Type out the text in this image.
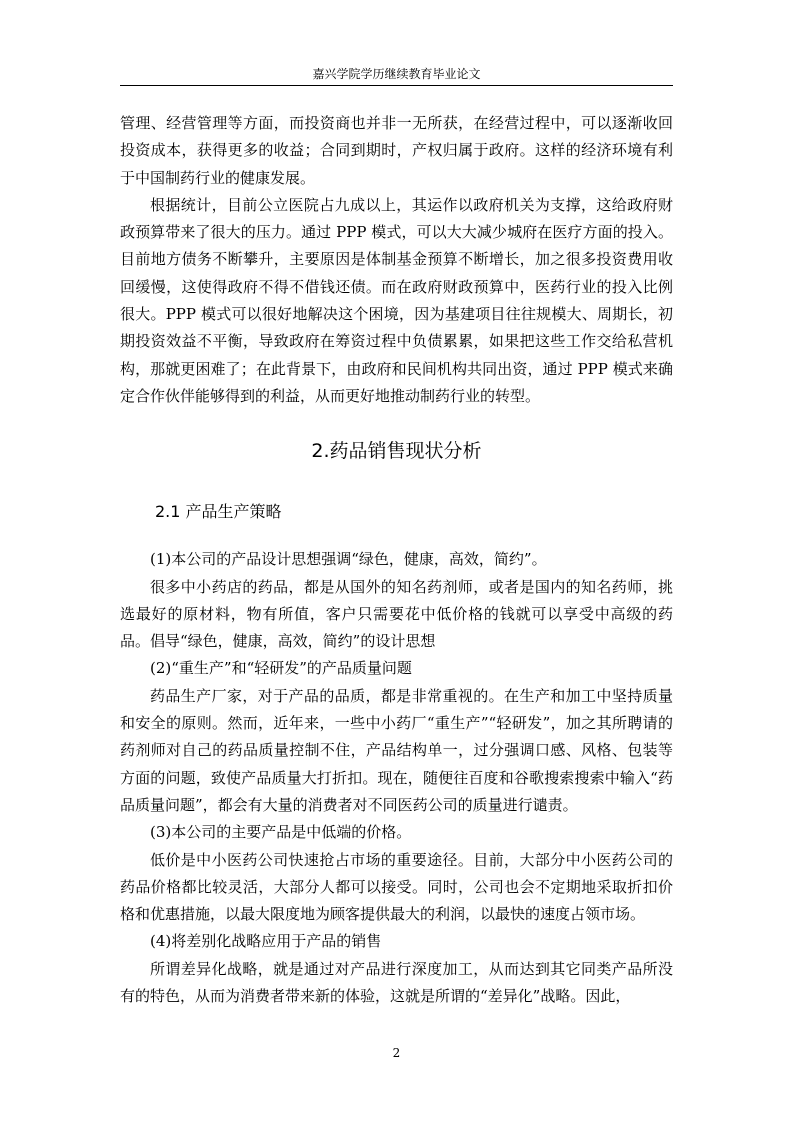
嘉兴学院学历继续教育毕业论文

管理、经营管理等方面，而投资商也并非一无所获，在经营过程中，可以逐渐收回投资成本，获得更多的收益；合同到期时，产权归属于政府。这样的经济环境有利于中国制药行业的健康发展。

根据统计，目前公立医院占九成以上，其运作以政府机关为支撑，这给政府财政预算带来了很大的压力。通过 PPP 模式，可以大大减少城府在医疗方面的投入。目前地方债务不断攀升，主要原因是体制基金预算不断增长，加之很多投资费用收回缓慢，这使得政府不得不借钱还债。而在政府财政预算中，医药行业的投入比例很大。PPP 模式可以很好地解决这个困境，因为基建项目往往规模大、周期长，初期投资效益不平衡，导致政府在筹资过程中负债累累，如果把这些工作交给私营机构，那就更困难了；在此背景下，由政府和民间机构共同出资，通过 PPP 模式来确定合作伙伴能够得到的利益，从而更好地推动制药行业的转型。

2.药品销售现状分析
2.1 产品生产策略

(1)本公司的产品设计思想强调“绿色，健康，高效，简约”。

很多中小药店的药品，都是从国外的知名药剂师，或者是国内的知名药师，挑选最好的原材料，物有所值，客户只需要花中低价格的钱就可以享受中高级的药品。倡导“绿色，健康，高效，简约”的设计思想

(2)“重生产”和“轻研发”的产品质量问题

药品生产厂家，对于产品的品质，都是非常重视的。在生产和加工中坚持质量和安全的原则。然而，近年来，一些中小药厂“重生产”“轻研发”，加之其所聘请的药剂师对自己的药品质量控制不住，产品结构单一，过分强调口感、风格、包装等方面的问题，致使产品质量大打折扣。现在，随便往百度和谷歌搜索搜索中输入“药品质量问题”，都会有大量的消费者对不同医药公司的质量进行谴责。

(3)本公司的主要产品是中低端的价格。

低价是中小医药公司快速抢占市场的重要途径。目前，大部分中小医药公司的药品价格都比较灵活，大部分人都可以接受。同时，公司也会不定期地采取折扣价格和优惠措施，以最大限度地为顾客提供最大的利润，以最快的速度占领市场。

(4)将差别化战略应用于产品的销售

所谓差异化战略，就是通过对产品进行深度加工，从而达到其它同类产品所没有的特色，从而为消费者带来新的体验，这就是所谓的“差异化”战略。因此，

2
